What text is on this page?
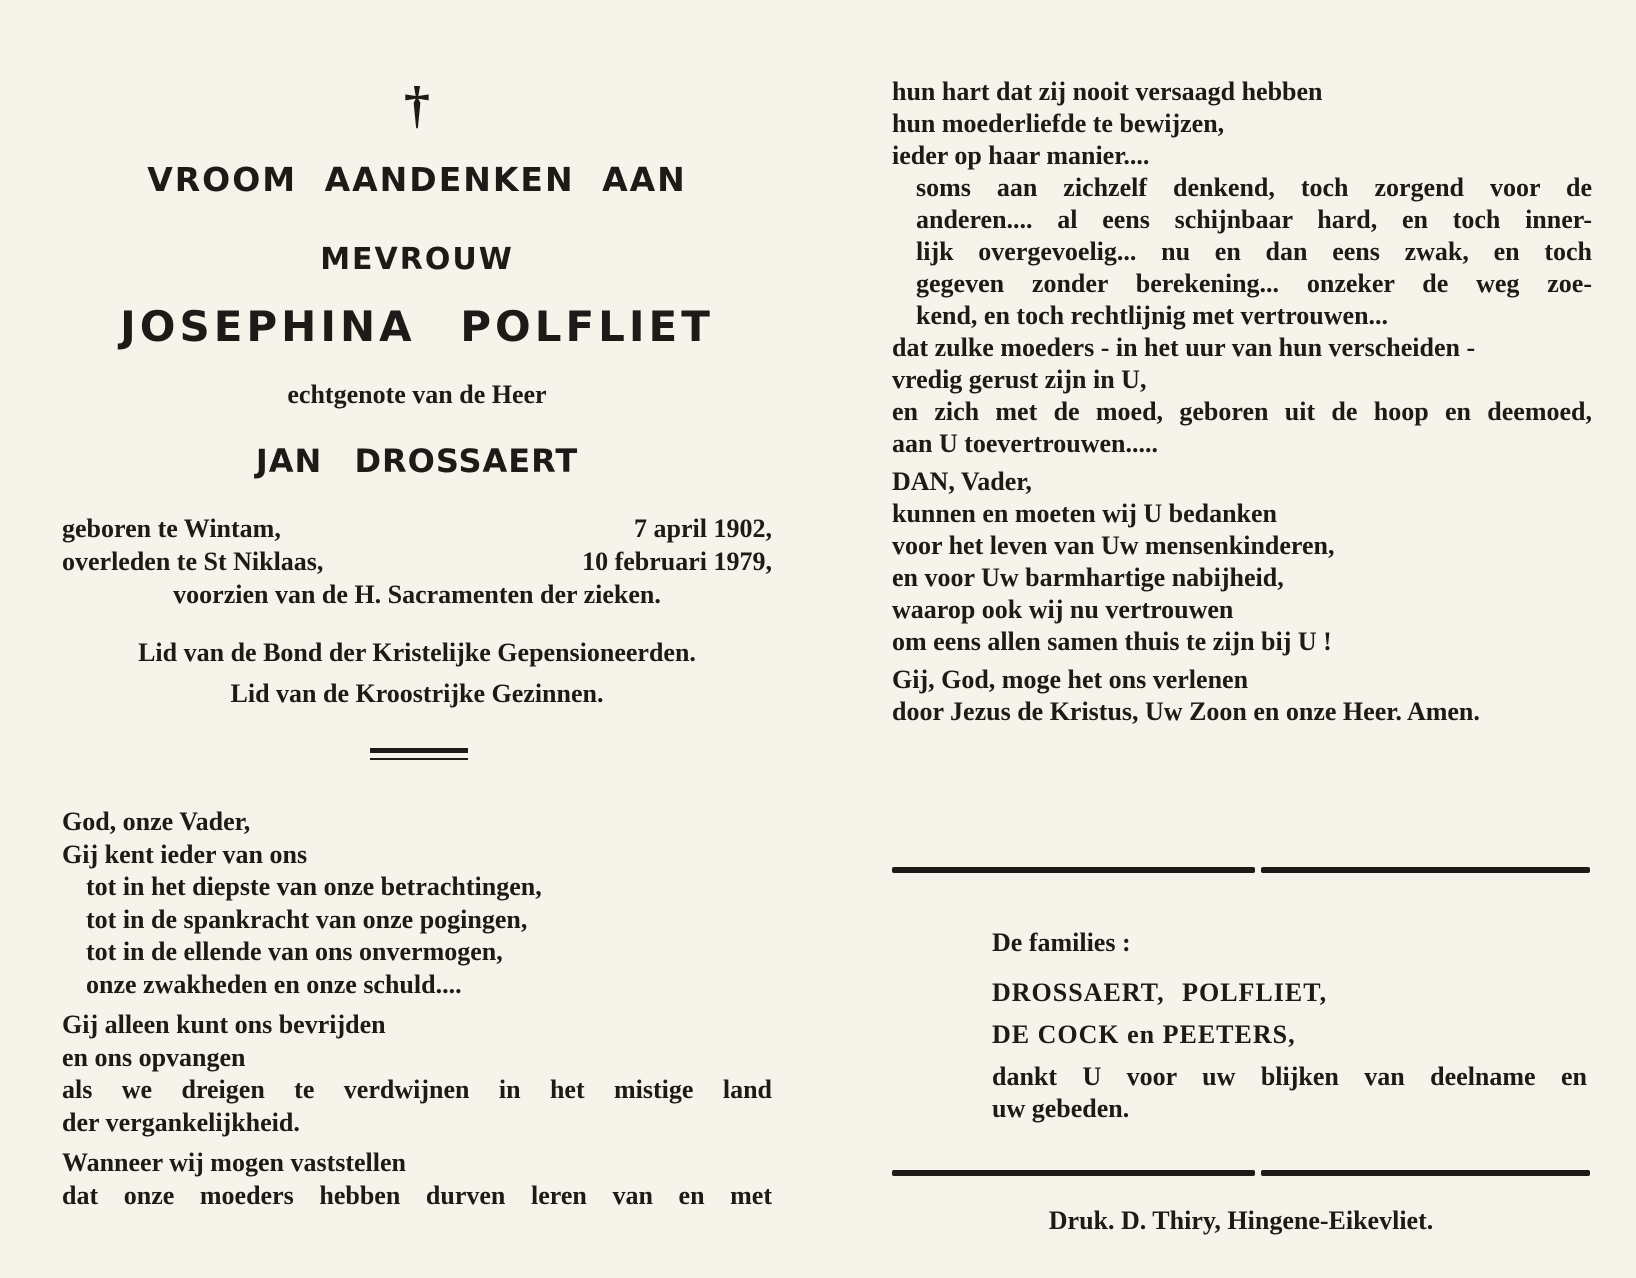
†
VROOM AANDENKEN AAN
MEVROUW
JOSEPHINA POLFLIET
echtgenote van de Heer
JAN DROSSAERT
geboren te Wintam,	7 april 1902,
overleden te St Niklaas,	10 februari 1979,
voorzien van de H. Sacramenten der zieken.
Lid van de Bond der Kristelijke Gepensioneerden.
Lid van de Kroostrijke Gezinnen.
God, onze Vader,
Gij kent ieder van ons
tot in het diepste van onze betrachtingen,
tot in de spankracht van onze pogingen,
tot in de ellende van ons onvermogen,
onze zwakheden en onze schuld....
Gij alleen kunt ons bevrijden
en ons opvangen
als we dreigen te verdwijnen in het mistige land
der vergankelijkheid.
Wanneer wij mogen vaststellen
dat onze moeders hebben durven leren van en met
hun hart dat zij nooit versaagd hebben
hun moederliefde te bewijzen,
ieder op haar manier....
soms aan zichzelf denkend, toch zorgend voor de
anderen.... al eens schijnbaar hard, en toch inner-
lijk overgevoelig... nu en dan eens zwak, en toch
gegeven zonder berekening... onzeker de weg zoe-
kend, en toch rechtlijnig met vertrouwen...
dat zulke moeders - in het uur van hun verscheiden -
vredig gerust zijn in U,
en zich met de moed, geboren uit de hoop en deemoed,
aan U toevertrouwen.....
DAN, Vader,
kunnen en moeten wij U bedanken
voor het leven van Uw mensenkinderen,
en voor Uw barmhartige nabijheid,
waarop ook wij nu vertrouwen
om eens allen samen thuis te zijn bij U !
Gij, God, moge het ons verlenen
door Jezus de Kristus, Uw Zoon en onze Heer. Amen.
De families :
DROSSAERT, POLFLIET,
DE COCK en PEETERS,
dankt U voor uw blijken van deelname en
uw gebeden.
Druk. D. Thiry, Hingene-Eikevliet.
